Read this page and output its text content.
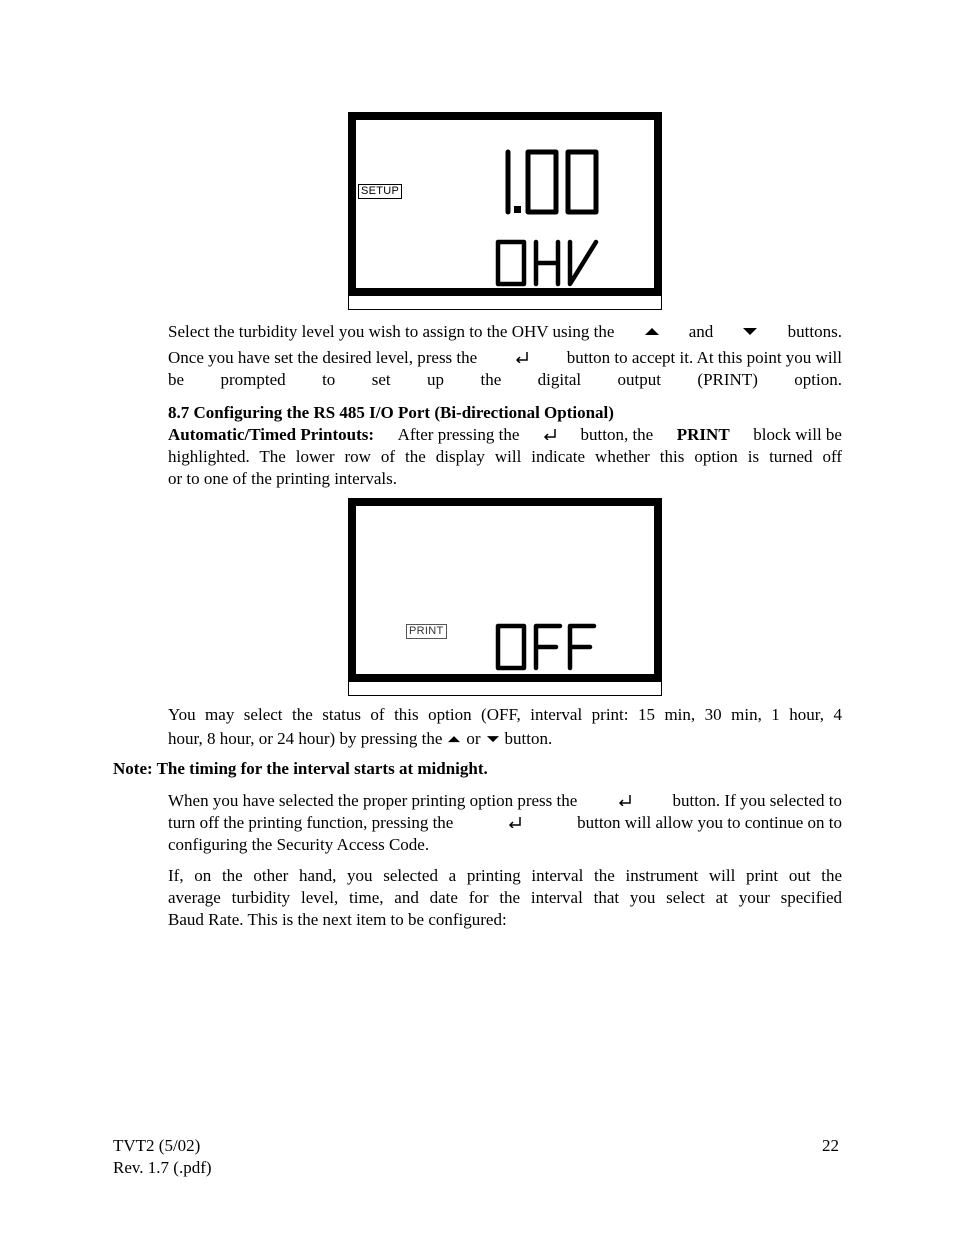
SETUP
Select the turbidity level you wish to assign to the OHV using the	and	buttons.
Once you have set the desired level, press the	button to accept it. At this point you will
be prompted to set up the digital output (PRINT) option.
8.7 Configuring the RS 485 I/O Port (Bi-directional Optional)
Automatic/Timed Printouts: After pressing the	button, the PRINT block will be
highlighted. The lower row of the display will indicate whether this option is turned off
or to one of the printing intervals.
PRINT
You may select the status of this option (OFF, interval print: 15 min, 30 min, 1 hour, 4
hour, 8 hour, or 24 hour) by pressing the or button.
Note: The timing for the interval starts at midnight.
When you have selected the proper printing option press the	button. If you selected to
turn off the printing function, pressing the	button will allow you to continue on to
configuring the Security Access Code.
If, on the other hand, you selected a printing interval the instrument will print out the
average turbidity level, time, and date for the interval that you select at your specified
Baud Rate. This is the next item to be configured:
TVT2 (5/02)
Rev. 1.7 (.pdf)
22
